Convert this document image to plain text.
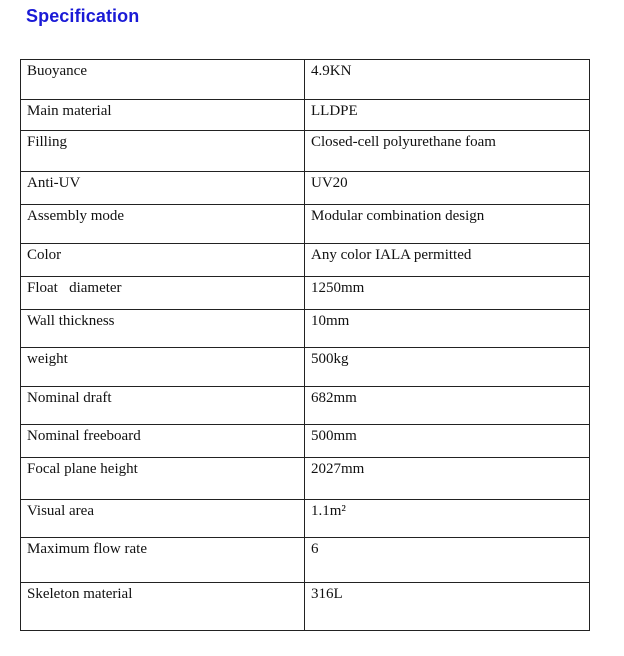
Specification
Buoyance	4.9KN
Main material	LLDPE
Filling	Closed-cell polyurethane foam
Anti-UV	UV20
Assembly mode	Modular combination design
Color	Any color IALA permitted
Float   diameter	1250mm
Wall thickness	10mm
weight	500kg
Nominal draft	682mm
Nominal freeboard	500mm
Focal plane height	2027mm
Visual area	1.1m²
Maximum flow rate	6
Skeleton material	316L
